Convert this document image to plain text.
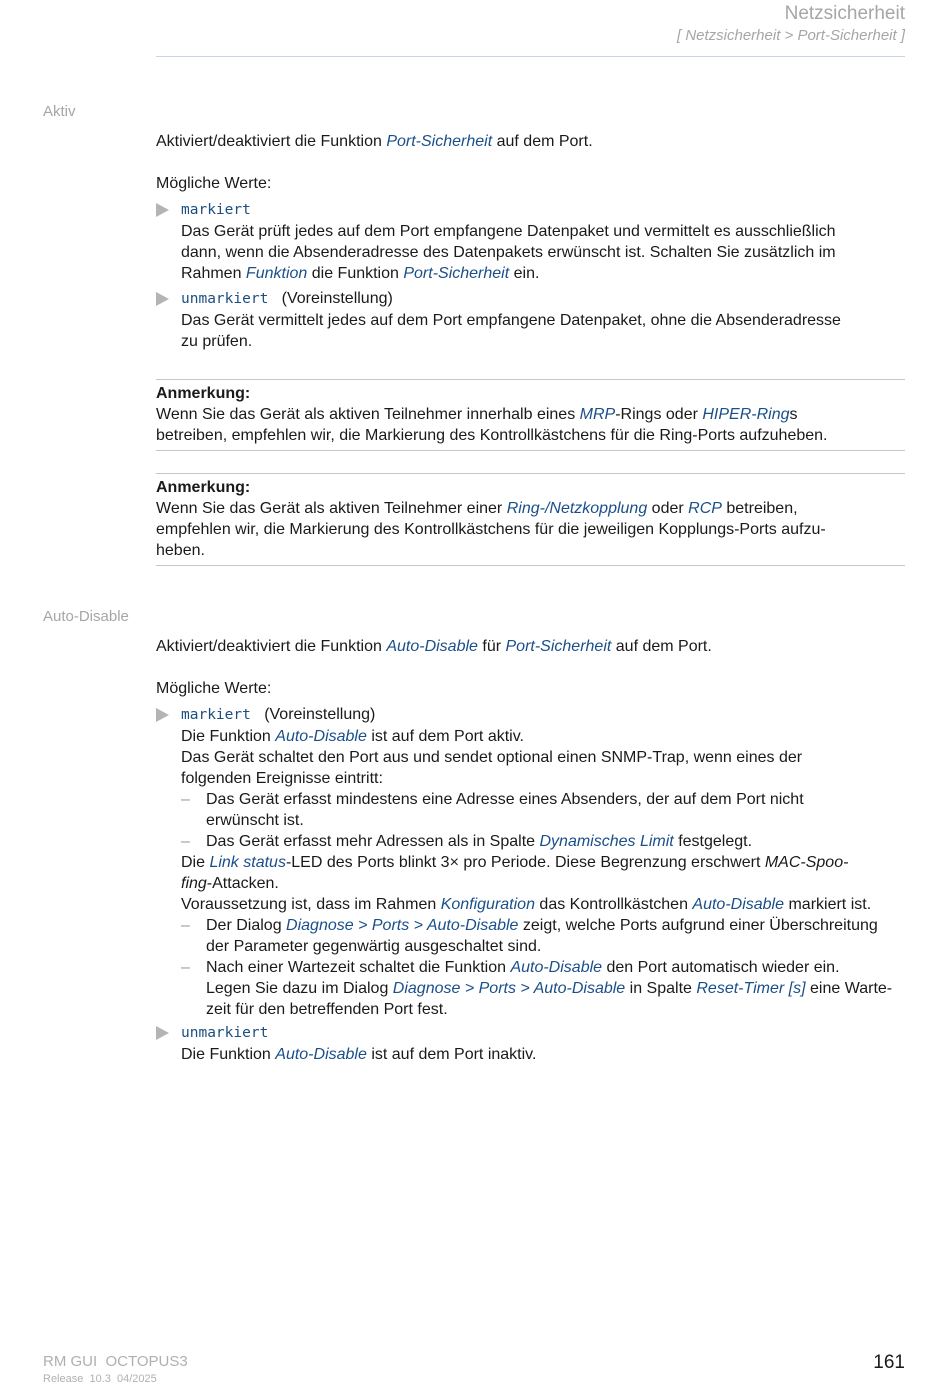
Netzsicherheit
[ Netzsicherheit > Port-Sicherheit ]
Aktiv
Aktiviert/deaktiviert die Funktion Port-Sicherheit auf dem Port.
Mögliche Werte:
markiert
Das Gerät prüft jedes auf dem Port empfangene Datenpaket und vermittelt es ausschließlich
dann, wenn die Absenderadresse des Datenpakets erwünscht ist. Schalten Sie zusätzlich im
Rahmen Funktion die Funktion Port-Sicherheit ein.
unmarkiert (Voreinstellung)
Das Gerät vermittelt jedes auf dem Port empfangene Datenpaket, ohne die Absenderadresse
zu prüfen.
Anmerkung:
Wenn Sie das Gerät als aktiven Teilnehmer innerhalb eines MRP-Rings oder HIPER-Rings
betreiben, empfehlen wir, die Markierung des Kontrollkästchens für die Ring-Ports aufzuheben.
Anmerkung:
Wenn Sie das Gerät als aktiven Teilnehmer einer Ring-/Netzkopplung oder RCP betreiben,
empfehlen wir, die Markierung des Kontrollkästchens für die jeweiligen Kopplungs-Ports aufzu-
heben.
Auto-Disable
Aktiviert/deaktiviert die Funktion Auto-Disable für Port-Sicherheit auf dem Port.
Mögliche Werte:
markiert (Voreinstellung)
Die Funktion Auto-Disable ist auf dem Port aktiv.
Das Gerät schaltet den Port aus und sendet optional einen SNMP-Trap, wenn eines der
folgenden Ereignisse eintritt:
– Das Gerät erfasst mindestens eine Adresse eines Absenders, der auf dem Port nicht
erwünscht ist.
– Das Gerät erfasst mehr Adressen als in Spalte Dynamisches Limit festgelegt.
Die Link status-LED des Ports blinkt 3× pro Periode. Diese Begrenzung erschwert MAC-Spoo-
fing-Attacken.
Voraussetzung ist, dass im Rahmen Konfiguration das Kontrollkästchen Auto-Disable markiert ist.
– Der Dialog Diagnose > Ports > Auto-Disable zeigt, welche Ports aufgrund einer Überschreitung
der Parameter gegenwärtig ausgeschaltet sind.
– Nach einer Wartezeit schaltet die Funktion Auto-Disable den Port automatisch wieder ein.
Legen Sie dazu im Dialog Diagnose > Ports > Auto-Disable in Spalte Reset-Timer [s] eine Warte-
zeit für den betreffenden Port fest.
unmarkiert
Die Funktion Auto-Disable ist auf dem Port inaktiv.
RM GUI  OCTOPUS3
Release  10.3  04/2025
161
